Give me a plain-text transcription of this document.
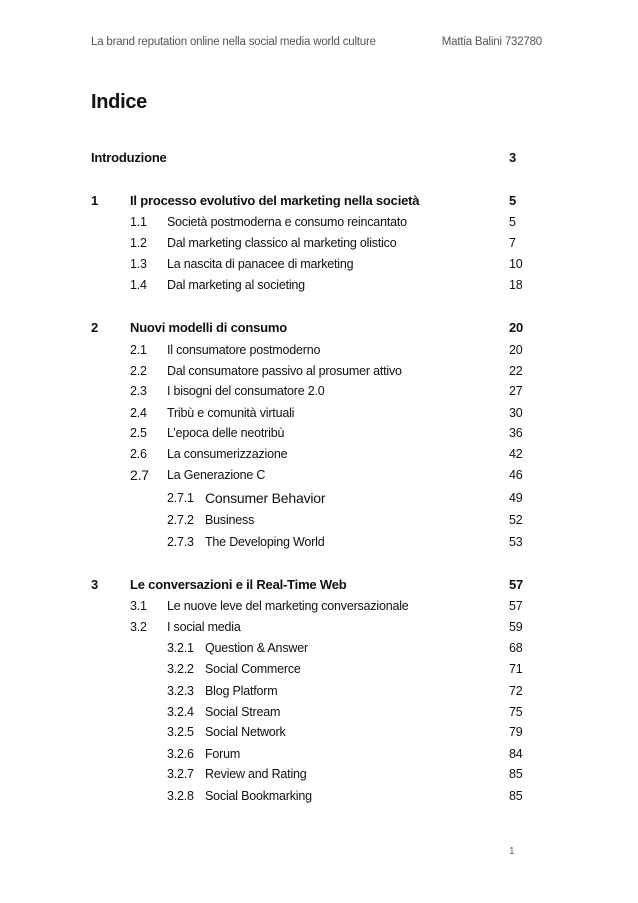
La brand reputation online nella social media world culture	Mattia Balini 732780
Indice
Introduzione	3
1 Il processo evolutivo del marketing nella società	5
1.1 Società postmoderna e consumo reincantato	5
1.2 Dal marketing classico al marketing olistico	7
1.3 La nascita di panacee di marketing	10
1.4 Dal marketing al societing	18
2 Nuovi modelli di consumo	20
2.1 Il consumatore postmoderno	20
2.2 Dal consumatore passivo al prosumer attivo	22
2.3 I bisogni del consumatore 2.0	27
2.4 Tribù e comunità virtuali	30
2.5 L’epoca delle neotribù	36
2.6 La consumerizzazione	42
2.7 La Generazione C	46
2.7.1 Consumer Behavior	49
2.7.2 Business	52
2.7.3 The Developing World	53
3 Le conversazioni e il Real-Time Web	57
3.1 Le nuove leve del marketing conversazionale	57
3.2 I social media	59
3.2.1 Question & Answer	68
3.2.2 Social Commerce	71
3.2.3 Blog Platform	72
3.2.4 Social Stream	75
3.2.5 Social Network	79
3.2.6 Forum	84
3.2.7 Review and Rating	85
3.2.8 Social Bookmarking	85
1
